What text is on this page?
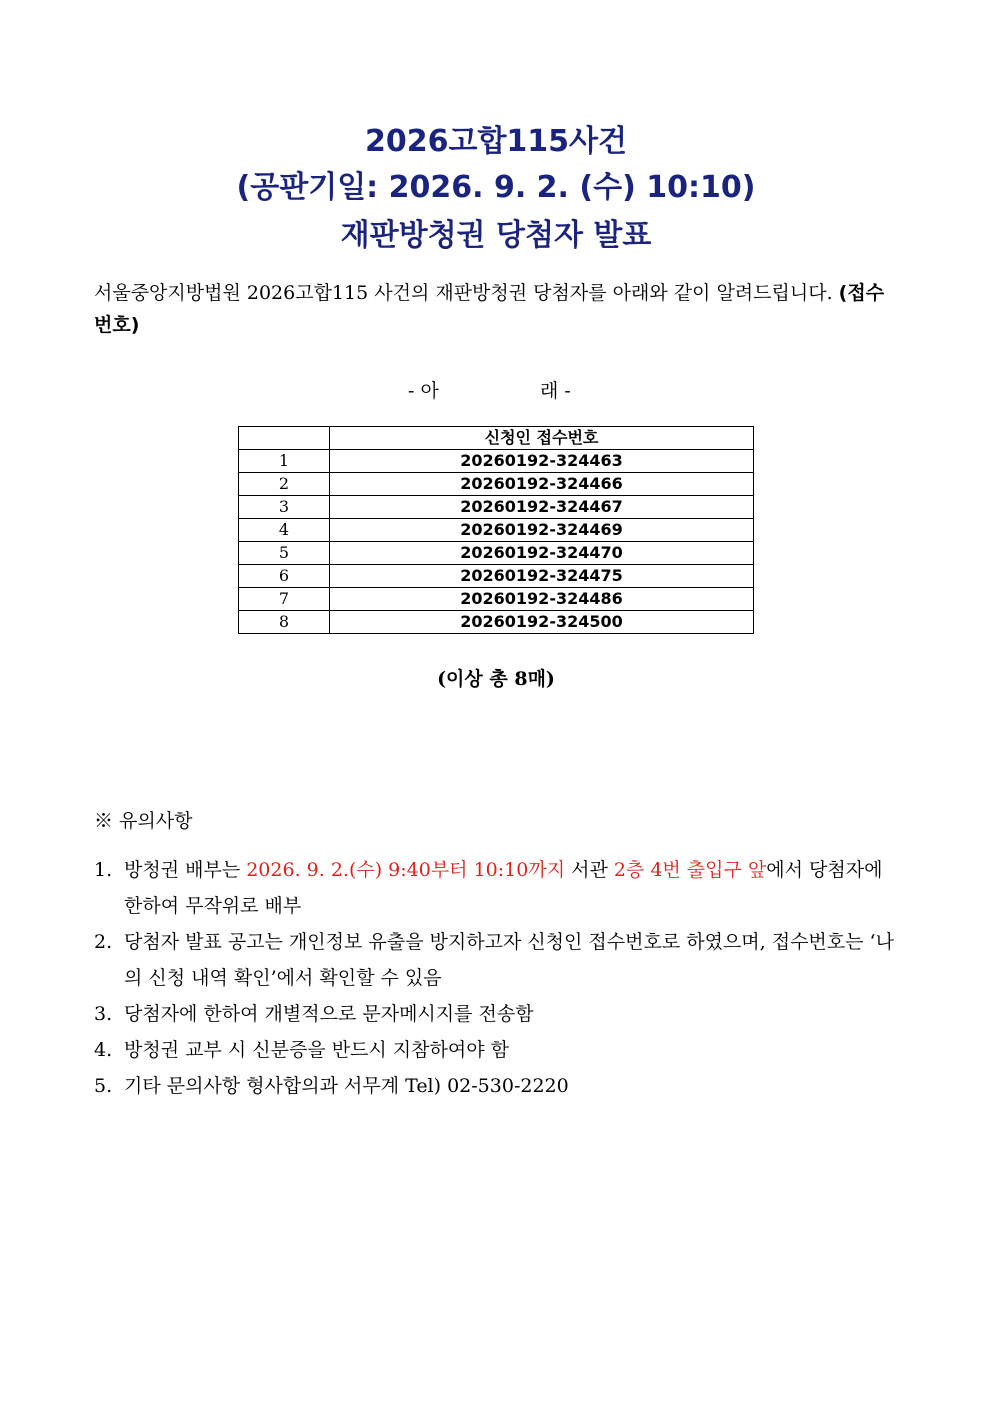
2026고합115사건
(공판기일: 2026. 9. 2. (수) 10:10)
재판방청권 당첨자 발표
서울중앙지방법원 2026고합115 사건의 재판방청권 당첨자를 아래와 같이 알려드립니다. (접수번호)
- 아	래 -
	신청인 접수번호
1	20260192-324463
2	20260192-324466
3	20260192-324467
4	20260192-324469
5	20260192-324470
6	20260192-324475
7	20260192-324486
8	20260192-324500
(이상 총 8매)
※ 유의사항
1. 방청권 배부는 2026. 9. 2.(수) 9:40부터 10:10까지 서관 2층 4번 출입구 앞에서 당첨자에 한하여 무작위로 배부
2. 당첨자 발표 공고는 개인정보 유출을 방지하고자 신청인 접수번호로 하였으며, 접수번호는 ‘나의 신청 내역 확인’에서 확인할 수 있음
3. 당첨자에 한하여 개별적으로 문자메시지를 전송함
4. 방청권 교부 시 신분증을 반드시 지참하여야 함
5. 기타 문의사항 형사합의과 서무계 Tel) 02-530-2220
